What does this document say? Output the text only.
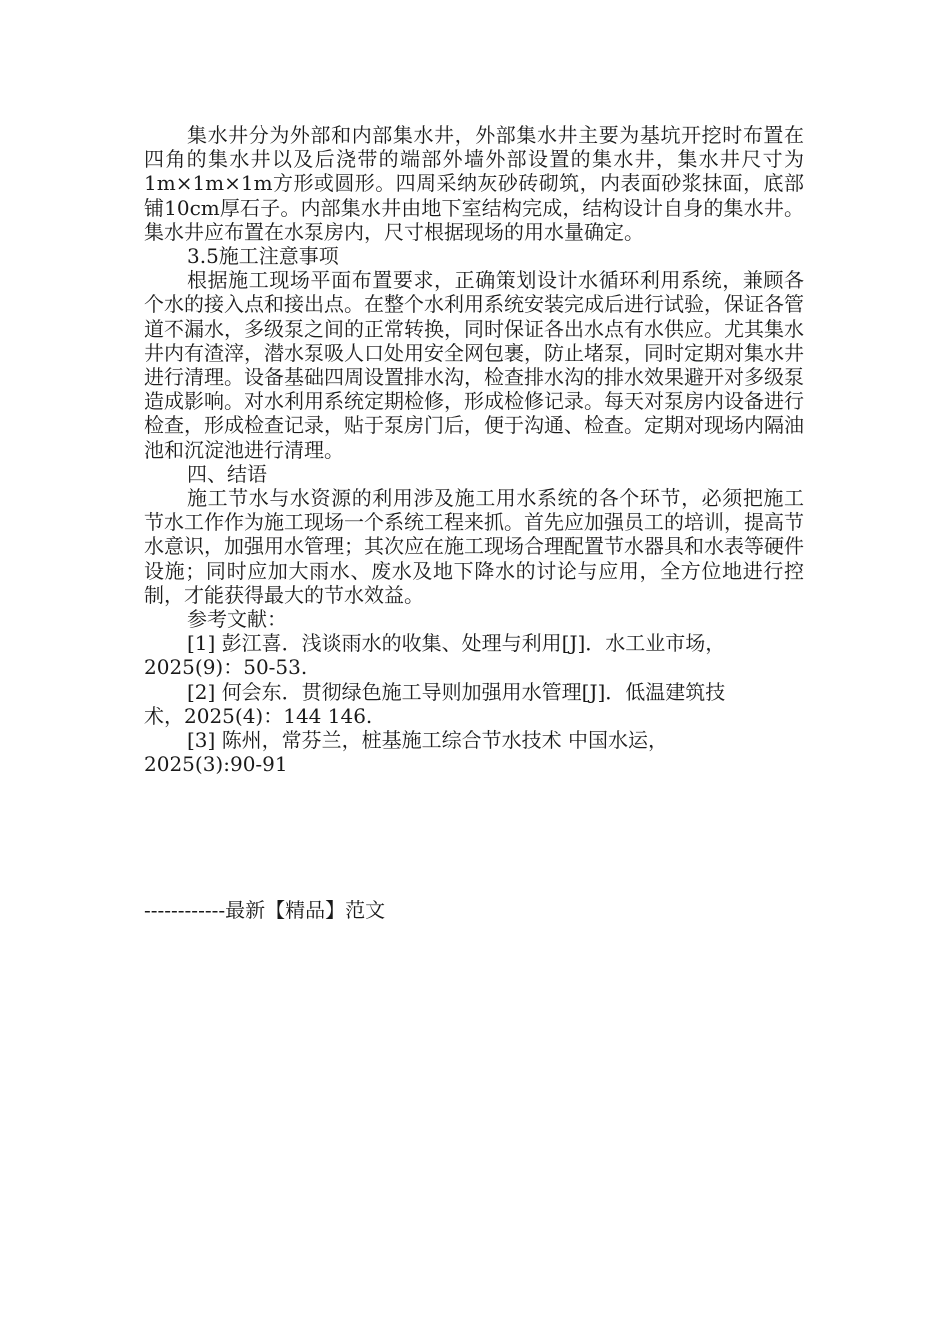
集水井分为外部和内部集水井，外部集水井主要为基坑开挖时布置在四角的集水井以及后浇带的端部外墙外部设置的集水井，集水井尺寸为1m×1m×1m方形或圆形。四周采纳灰砂砖砌筑，内表面砂浆抹面，底部铺10cm厚石子。内部集水井由地下室结构完成，结构设计自身的集水井。集水井应布置在水泵房内，尺寸根据现场的用水量确定。

3.5施工注意事项

根据施工现场平面布置要求，正确策划设计水循环利用系统，兼顾各个水的接入点和接出点。在整个水利用系统安装完成后进行试验，保证各管道不漏水，多级泵之间的正常转换，同时保证各出水点有水供应。尤其集水井内有渣滓，潜水泵吸人口处用安全网包裹，防止堵泵，同时定期对集水井进行清理。设备基础四周设置排水沟，检查排水沟的排水效果避开对多级泵造成影响。对水利用系统定期检修，形成检修记录。每天对泵房内设备进行检查，形成检查记录，贴于泵房门后，便于沟通、检查。定期对现场内隔油池和沉淀池进行清理。

四、结语

施工节水与水资源的利用涉及施工用水系统的各个环节，必须把施工节水工作作为施工现场一个系统工程来抓。首先应加强员工的培训，提高节水意识，加强用水管理；其次应在施工现场合理配置节水器具和水表等硬件设施；同时应加大雨水、废水及地下降水的讨论与应用，全方位地进行控制，才能获得最大的节水效益。

参考文献：

[1] 彭江喜．浅谈雨水的收集、处理与利用[J]．水工业市场，
2025(9)：50-53.
[2] 何会东．贯彻绿色施工导则加强用水管理[J]．低温建筑技
术，2025(4)：144 146.
[3] 陈州，常芬兰，桩基施工综合节水技术 中国水运，
2025(3):90-91
------------最新【精品】范文
